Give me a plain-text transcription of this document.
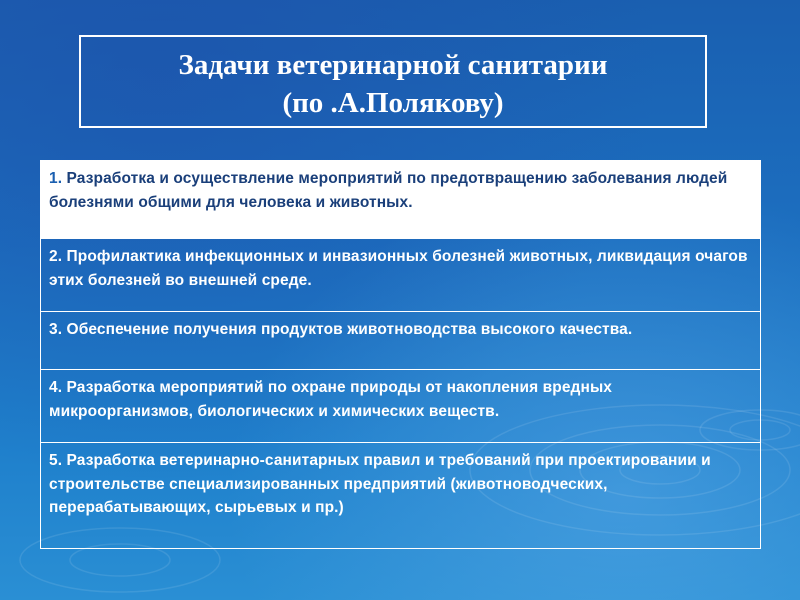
Задачи ветеринарной санитарии
(по .А.Полякову)
1. Разработка и осуществление мероприятий по предотвращению заболевания людей болезнями общими для человека и животных.
2. Профилактика инфекционных и инвазионных болезней животных, ликвидация очагов этих болезней во внешней среде.
3. Обеспечение получения продуктов животноводства высокого качества.
4. Разработка мероприятий по охране природы от накопления вредных микроорганизмов, биологических и химических веществ.
5. Разработка ветеринарно-санитарных правил и требований при проектировании и строительстве специализированных предприятий (животноводческих, перерабатывающих, сырьевых и пр.)
